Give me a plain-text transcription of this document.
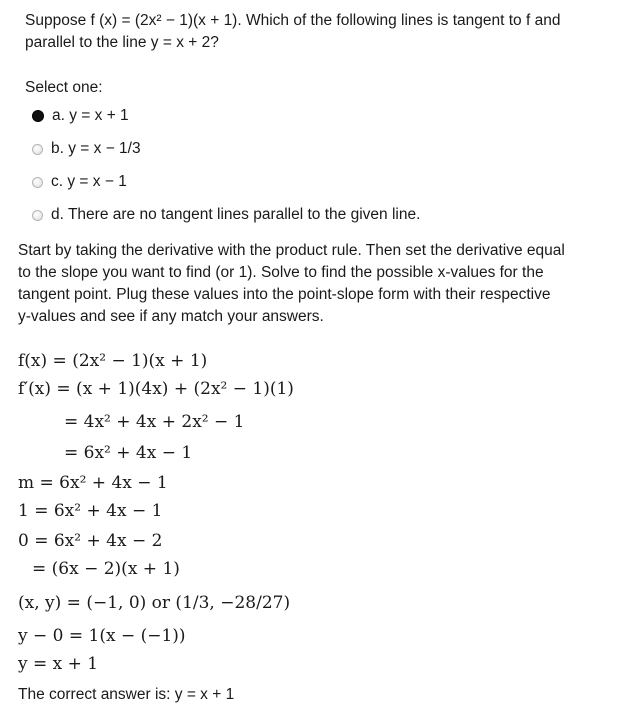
Suppose f (x) = (2x² − 1)(x + 1). Which of the following lines is tangent to f and
parallel to the line y = x + 2?
Select one:
a. y = x + 1
b. y = x − 1/3
c. y = x − 1
d. There are no tangent lines parallel to the given line.
Start by taking the derivative with the product rule. Then set the derivative equal
to the slope you want to find (or 1). Solve to find the possible x-values for the
tangent point. Plug these values into the point-slope form with their respective
y-values and see if any match your answers.
f(x) = (2x² − 1)(x + 1)
f′(x) = (x + 1)(4x) + (2x² − 1)(1)
= 4x² + 4x + 2x² − 1
= 6x² + 4x − 1
m = 6x² + 4x − 1
1 = 6x² + 4x − 1
0 = 6x² + 4x − 2
= (6x − 2)(x + 1)
(x, y) = (−1, 0) or (1/3, −28/27)
y − 0 = 1(x − (−1))
y = x + 1
The correct answer is: y = x + 1
